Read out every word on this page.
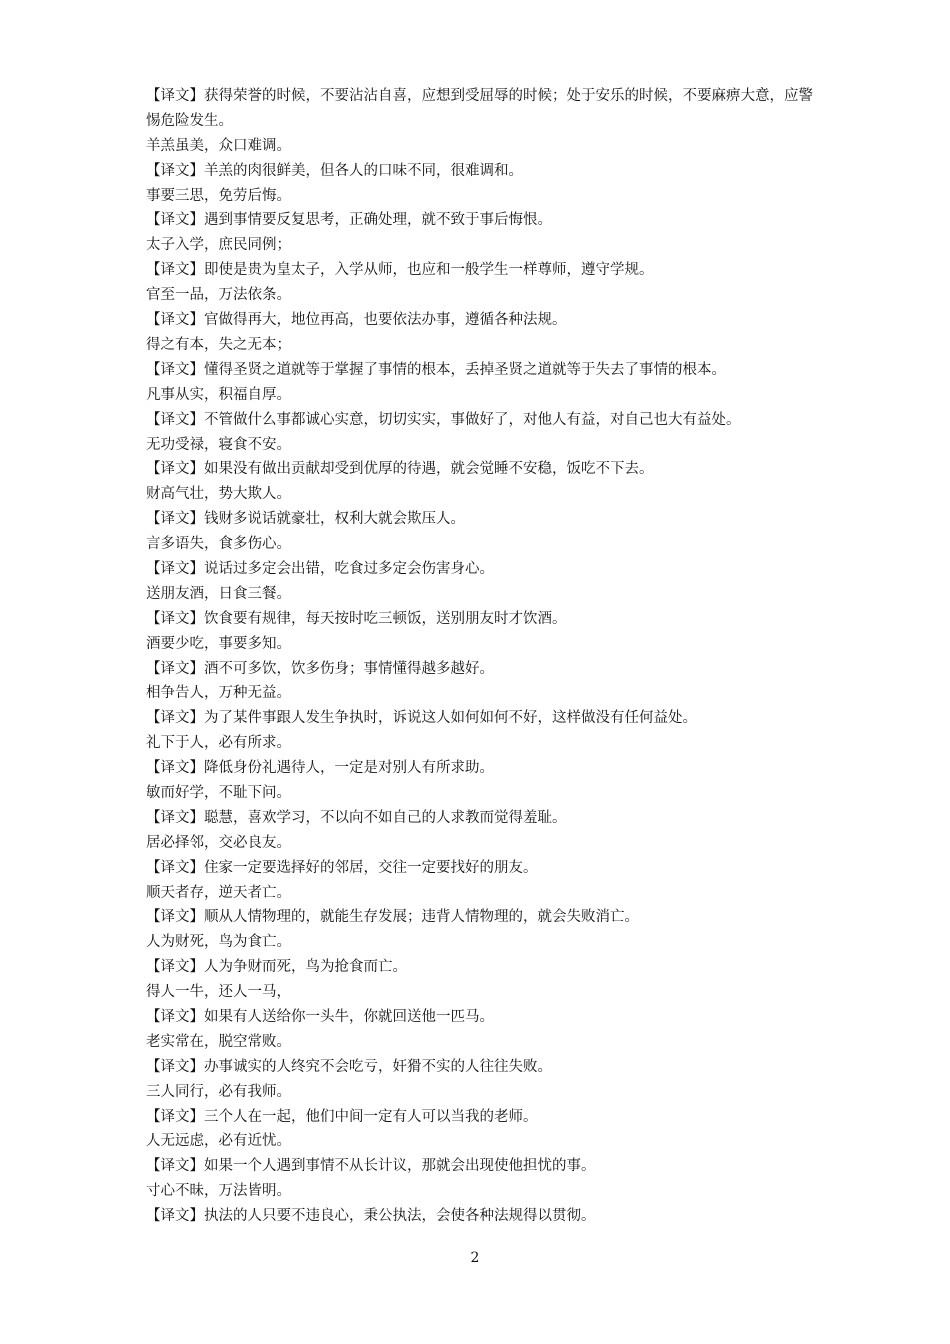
【译文】获得荣誉的时候，不要沾沾自喜，应想到受屈辱的时候；处于安乐的时候，不要麻痹大意，应警惕危险发生。
羊羔虽美，众口难调。
【译文】羊羔的肉很鲜美，但各人的口味不同，很难调和。
事要三思，免劳后悔。
【译文】遇到事情要反复思考，正确处理，就不致于事后悔恨。
太子入学，庶民同例；
【译文】即使是贵为皇太子，入学从师，也应和一般学生一样尊师，遵守学规。
官至一品，万法依条。
【译文】官做得再大，地位再高，也要依法办事，遵循各种法规。
得之有本，失之无本；
【译文】懂得圣贤之道就等于掌握了事情的根本，丢掉圣贤之道就等于失去了事情的根本。
凡事从实，积福自厚。
【译文】不管做什么事都诚心实意，切切实实，事做好了，对他人有益，对自己也大有益处。
无功受禄，寝食不安。
【译文】如果没有做出贡献却受到优厚的待遇，就会觉睡不安稳，饭吃不下去。
财高气壮，势大欺人。
【译文】钱财多说话就豪壮，权利大就会欺压人。
言多语失，食多伤心。
【译文】说话过多定会出错，吃食过多定会伤害身心。
送朋友酒，日食三餐。
【译文】饮食要有规律，每天按时吃三顿饭，送别朋友时才饮酒。
酒要少吃，事要多知。
【译文】酒不可多饮，饮多伤身；事情懂得越多越好。
相争告人，万种无益。
【译文】为了某件事跟人发生争执时，诉说这人如何如何不好，这样做没有任何益处。
礼下于人，必有所求。
【译文】降低身份礼遇待人，一定是对别人有所求助。
敏而好学，不耻下问。
【译文】聪慧，喜欢学习，不以向不如自己的人求教而觉得羞耻。
居必择邻，交必良友。
【译文】住家一定要选择好的邻居，交往一定要找好的朋友。
顺天者存，逆天者亡。
【译文】顺从人情物理的，就能生存发展；违背人情物理的，就会失败消亡。
人为财死，鸟为食亡。
【译文】人为争财而死，鸟为抢食而亡。
得人一牛，还人一马，
【译文】如果有人送给你一头牛，你就回送他一匹马。
老实常在，脱空常败。
【译文】办事诚实的人终究不会吃亏，奸猾不实的人往往失败。
三人同行，必有我师。
【译文】三个人在一起，他们中间一定有人可以当我的老师。
人无远虑，必有近忧。
【译文】如果一个人遇到事情不从长计议，那就会出现使他担忧的事。
寸心不昧，万法皆明。
【译文】执法的人只要不违良心，秉公执法，会使各种法规得以贯彻。
2
